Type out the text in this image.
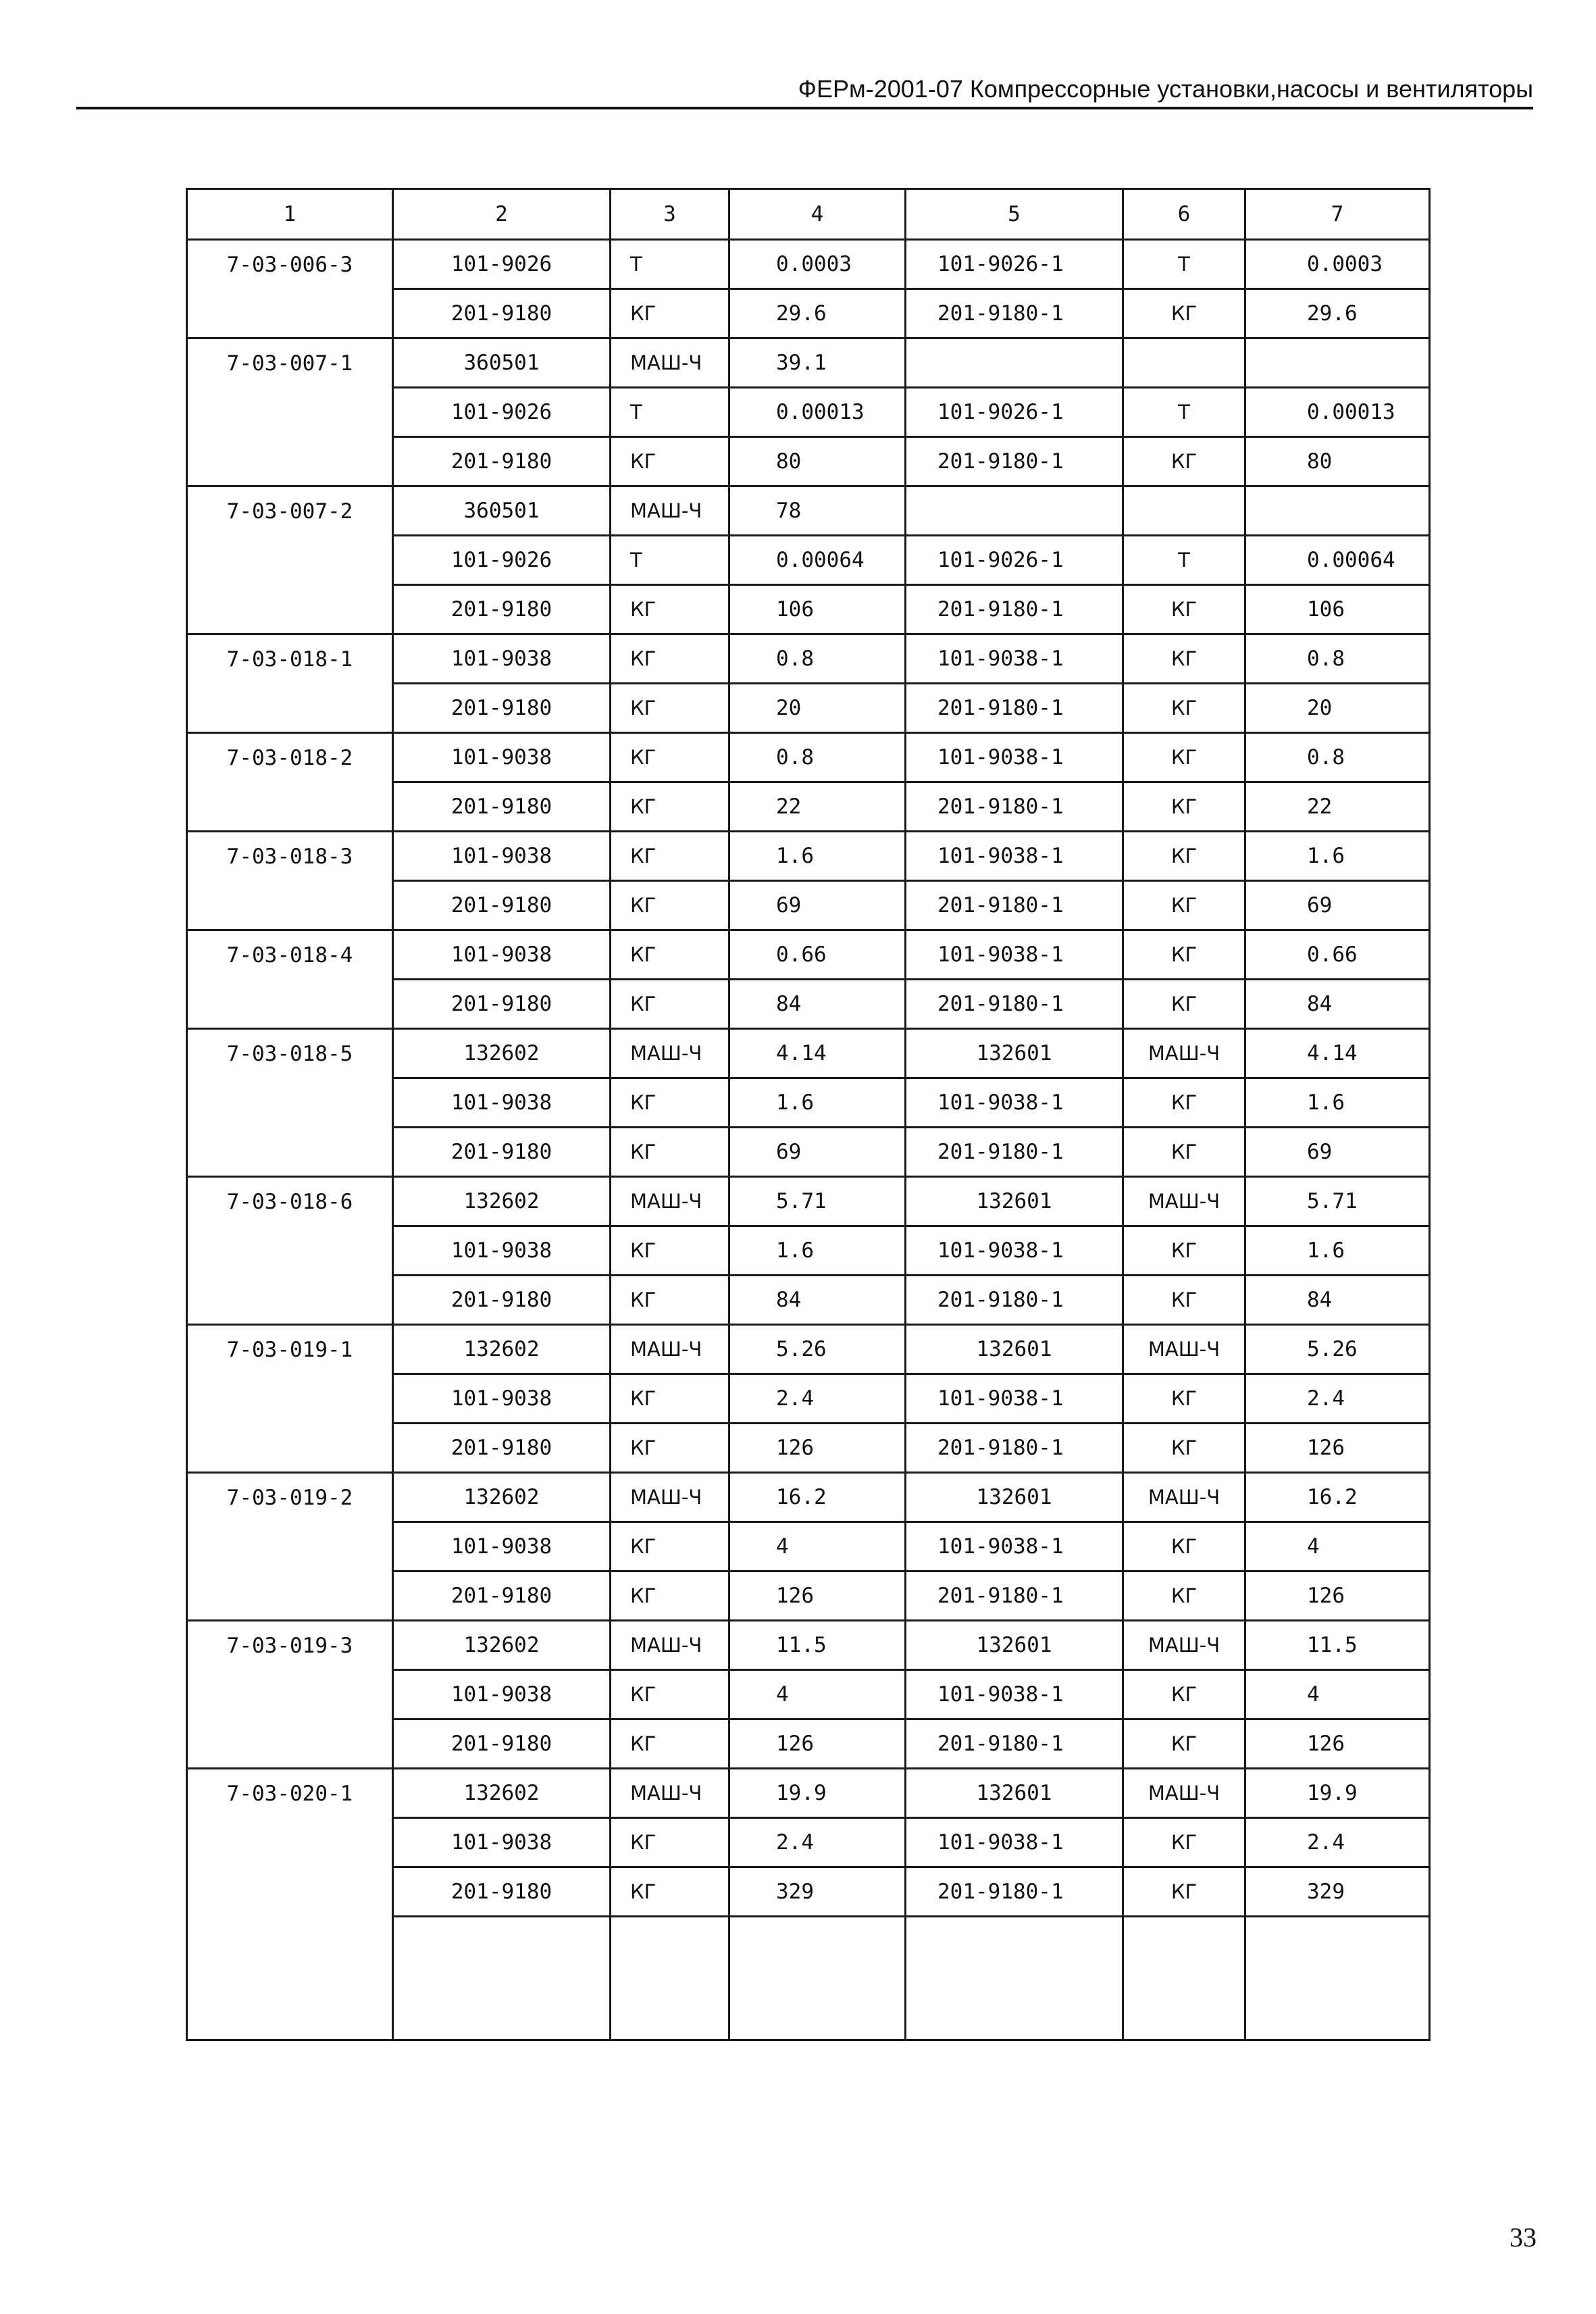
ФЕРм-2001-07 Компрессорные установки,насосы и вентиляторы
1	2	3	4	5	6	7
7-03-006-3	101-9026	Т	0.0003	101-9026-1	Т	0.0003
	201-9180	КГ	29.6	201-9180-1	КГ	29.6
7-03-007-1	360501	МАШ-Ч	39.1			
	101-9026	Т	0.00013	101-9026-1	Т	0.00013
	201-9180	КГ	80	201-9180-1	КГ	80
7-03-007-2	360501	МАШ-Ч	78			
	101-9026	Т	0.00064	101-9026-1	Т	0.00064
	201-9180	КГ	106	201-9180-1	КГ	106
7-03-018-1	101-9038	КГ	0.8	101-9038-1	КГ	0.8
	201-9180	КГ	20	201-9180-1	КГ	20
7-03-018-2	101-9038	КГ	0.8	101-9038-1	КГ	0.8
	201-9180	КГ	22	201-9180-1	КГ	22
7-03-018-3	101-9038	КГ	1.6	101-9038-1	КГ	1.6
	201-9180	КГ	69	201-9180-1	КГ	69
7-03-018-4	101-9038	КГ	0.66	101-9038-1	КГ	0.66
	201-9180	КГ	84	201-9180-1	КГ	84
7-03-018-5	132602	МАШ-Ч	4.14	132601	МАШ-Ч	4.14
	101-9038	КГ	1.6	101-9038-1	КГ	1.6
	201-9180	КГ	69	201-9180-1	КГ	69
7-03-018-6	132602	МАШ-Ч	5.71	132601	МАШ-Ч	5.71
	101-9038	КГ	1.6	101-9038-1	КГ	1.6
	201-9180	КГ	84	201-9180-1	КГ	84
7-03-019-1	132602	МАШ-Ч	5.26	132601	МАШ-Ч	5.26
	101-9038	КГ	2.4	101-9038-1	КГ	2.4
	201-9180	КГ	126	201-9180-1	КГ	126
7-03-019-2	132602	МАШ-Ч	16.2	132601	МАШ-Ч	16.2
	101-9038	КГ	4	101-9038-1	КГ	4
	201-9180	КГ	126	201-9180-1	КГ	126
7-03-019-3	132602	МАШ-Ч	11.5	132601	МАШ-Ч	11.5
	101-9038	КГ	4	101-9038-1	КГ	4
	201-9180	КГ	126	201-9180-1	КГ	126
7-03-020-1	132602	МАШ-Ч	19.9	132601	МАШ-Ч	19.9
	101-9038	КГ	2.4	101-9038-1	КГ	2.4
	201-9180	КГ	329	201-9180-1	КГ	329

33
